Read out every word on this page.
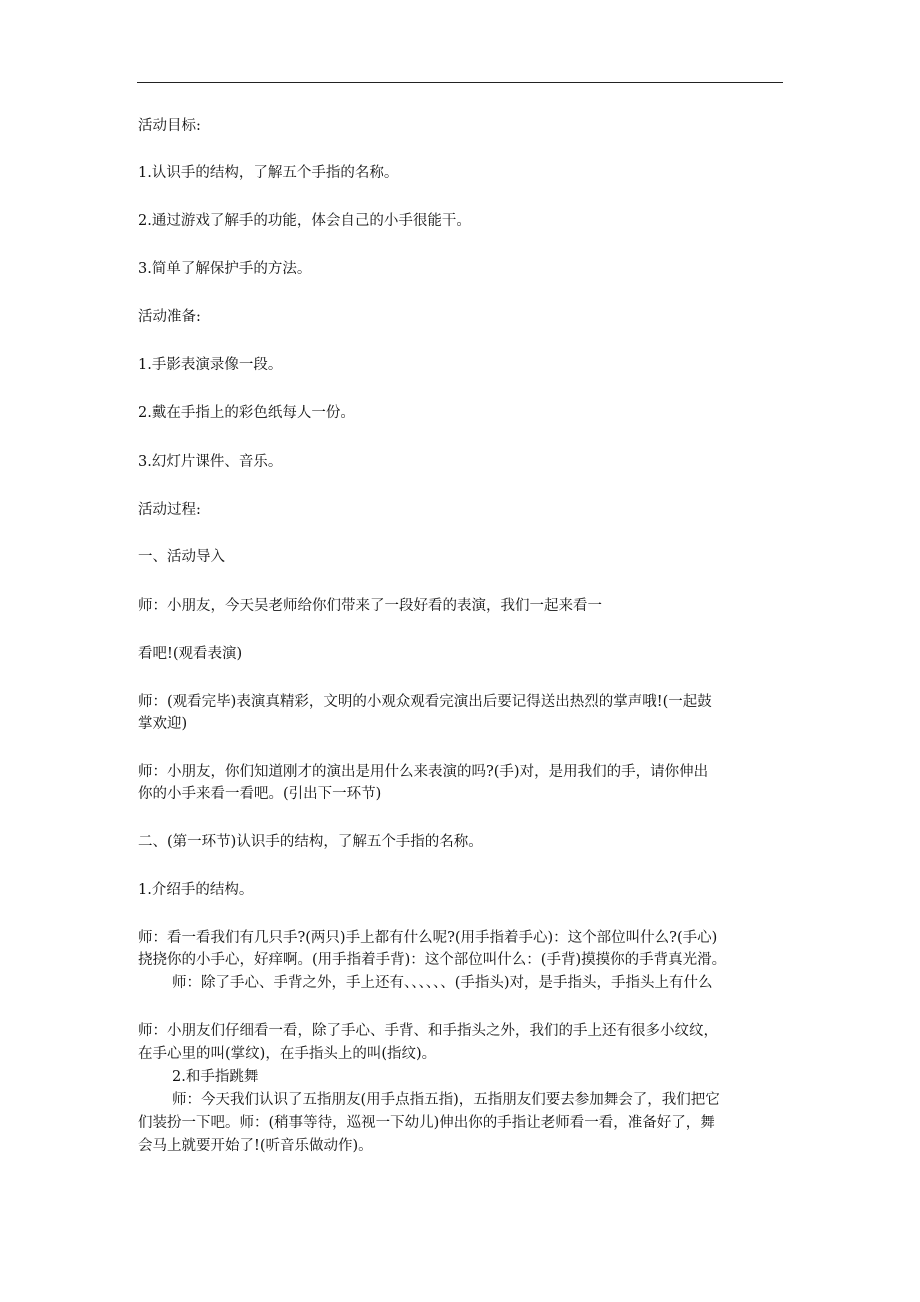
活动目标:

1.认识手的结构，了解五个手指的名称。

2.通过游戏了解手的功能，体会自己的小手很能干。

3.简单了解保护手的方法。

活动准备:

1.手影表演录像一段。

2.戴在手指上的彩色纸每人一份。

3.幻灯片课件、音乐。

活动过程:

一、活动导入

师：小朋友，今天吴老师给你们带来了一段好看的表演，我们一起来看一

看吧!(观看表演)

师：(观看完毕)表演真精彩，文明的小观众观看完演出后要记得送出热烈的掌声哦!(一起鼓

掌欢迎)

师：小朋友，你们知道刚才的演出是用什么来表演的吗?(手)对，是用我们的手，请你伸出

你的小手来看一看吧。(引出下一环节)

二、(第一环节)认识手的结构，了解五个手指的名称。

1.介绍手的结构。

师：看一看我们有几只手?(两只)手上都有什么呢?(用手指着手心)：这个部位叫什么?(手心)

挠挠你的小手心，好痒啊。(用手指着手背)：这个部位叫什么：(手背)摸摸你的手背真光滑。

师：除了手心、手背之外，手上还有、、、、、、(手指头)对，是手指头，手指头上有什么

师：小朋友们仔细看一看，除了手心、手背、和手指头之外，我们的手上还有很多小纹纹，

在手心里的叫(掌纹)，在手指头上的叫(指纹)。

2.和手指跳舞

师：今天我们认识了五指朋友(用手点指五指)，五指朋友们要去参加舞会了，我们把它

们装扮一下吧。师：(稍事等待，巡视一下幼儿)伸出你的手指让老师看一看，准备好了，舞

会马上就要开始了!(听音乐做动作)。
